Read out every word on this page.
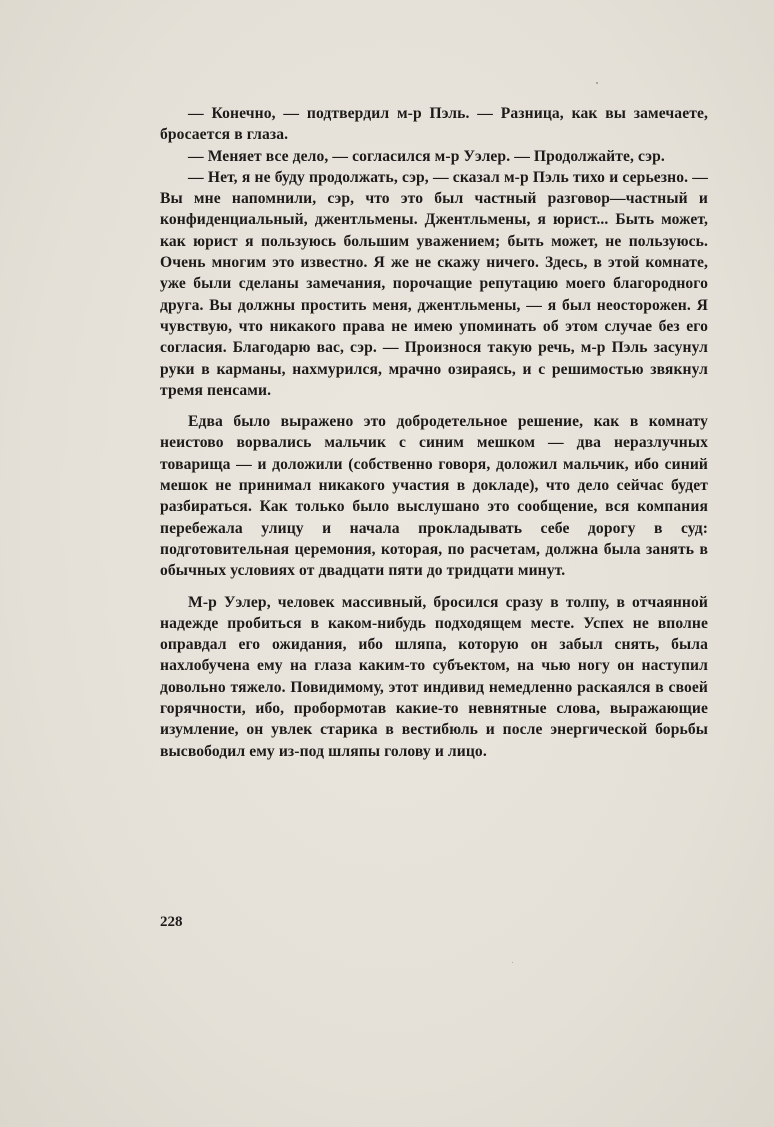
— Конечно, — подтвердил м-р Пэль. — Разница, как вы замечаете, бросается в глаза.

— Меняет все дело, — согласился м-р Уэлер. — Продолжайте, сэр.

— Нет, я не буду продолжать, сэр, — сказал м-р Пэль тихо и серьезно. — Вы мне напомнили, сэр, что это был частный разговор—частный и конфиденциальный, джентльмены. Джентльмены, я юрист... Быть может, как юрист я пользуюсь большим уважением; быть может, не пользуюсь. Очень многим это известно. Я же не скажу ничего. Здесь, в этой комнате, уже были сделаны замечания, порочащие репутацию моего благородного друга. Вы должны простить меня, джентльмены, — я был неосторожен. Я чувствую, что никакого права не имею упоминать об этом случае без его согласия. Благодарю вас, сэр. — Произнося такую речь, м-р Пэль засунул руки в карманы, нахмурился, мрачно озираясь, и с решимостью звякнул тремя пенсами.

Едва было выражено это добродетельное решение, как в комнату неистово ворвались мальчик с синим мешком — два неразлучных товарища — и доложили (собственно говоря, доложил мальчик, ибо синий мешок не принимал никакого участия в докладе), что дело сейчас будет разбираться. Как только было выслушано это сообщение, вся компания перебежала улицу и начала прокладывать себе дорогу в суд: подготовительная церемония, которая, по расчетам, должна была занять в обычных условиях от двадцати пяти до тридцати минут.

М-р Уэлер, человек массивный, бросился сразу в толпу, в отчаянной надежде пробиться в каком-нибудь подходящем месте. Успех не вполне оправдал его ожидания, ибо шляпа, которую он забыл снять, была нахлобучена ему на глаза каким-то субъектом, на чью ногу он наступил довольно тяжело. Повидимому, этот индивид немедленно раскаялся в своей горячности, ибо, пробормотав какие-то невнятные слова, выражающие изумление, он увлек старика в вестибюль и после энергической борьбы высвободил ему из-под шляпы голову и лицо.

228
